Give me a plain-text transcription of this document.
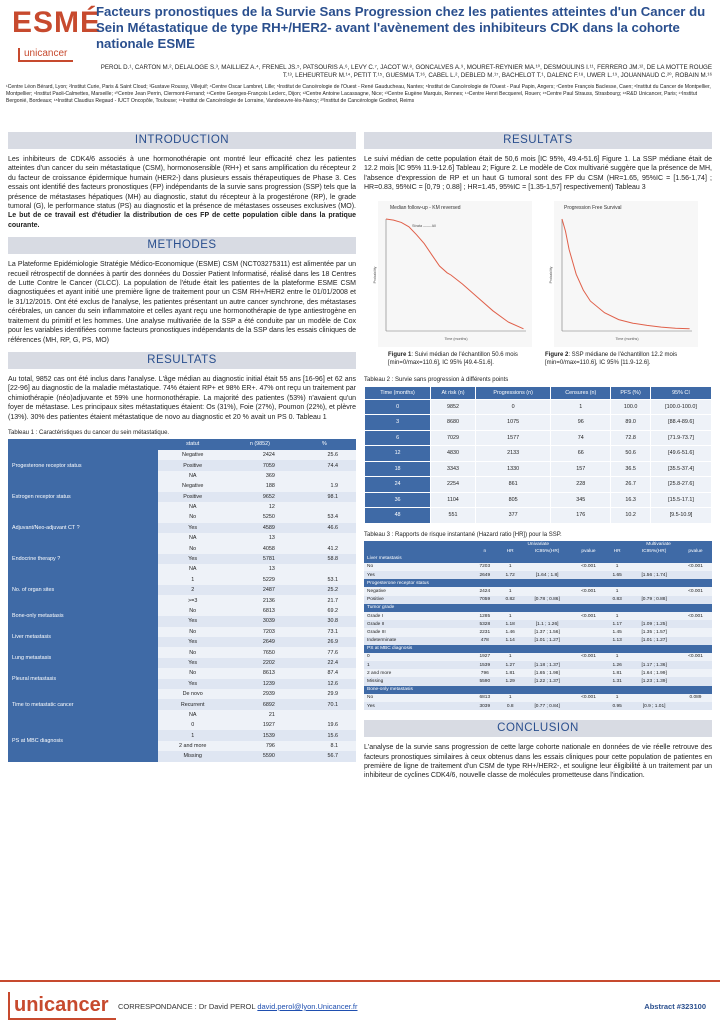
ESMÉ
unicancer
Facteurs pronostiques de la Survie Sans Progression chez les patientes atteintes d'un Cancer du Sein Métastatique de type RH+/HER2- avant l'avènement des inhibiteurs CDK dans la cohorte nationale ESME
PEROL D.¹, CARTON M.², DELALOGE S.³, MAILLIEZ A.⁴, FRENEL JS.⁵, PATSOURIS A.⁶, LEVY C.⁷, JACOT W.⁸, GONCALVES A.⁹, MOURET-REYNIER MA.¹⁰, DESMOULINS I.¹¹, FERRERO JM.¹², DE LA MOTTE ROUGE T.¹³, LEHEURTEUR M.¹⁴, PETIT T.¹⁵, GUESMIA T.¹⁶, CABEL L.², DEBLED M.¹⁷, BACHELOT T.¹, DALENC F.¹⁸, UWER L.¹⁹, JOUANNAUD C.²⁰, ROBAIN M.¹⁶
¹Centre Léon Bérard, Lyon; ²Institut Curie, Paris & Saint Cloud; ³Gustave Roussy, Villejuif; ⁴Centre Oscar Lambret, Lille; ⁵Institut de Cancérologie de l'Ouest - René Gauducheau, Nantes; ⁶Institut de Cancérologie de l'Ouest - Paul Papin, Angers; ⁷Centre François Baclesse, Caen; ⁸Institut du Cancer de Montpellier, Montpellier; ⁹Institut Paoli-Calmettes, Marseille; ¹⁰Centre Jean Perrin, Clermont-Ferrand; ¹¹Centre Georges-François Leclerc, Dijon; ¹²Centre Antoine Lacassagne, Nice; ¹³Centre Eugène Marquis, Rennes; ¹⁴Centre Henri Becquerel, Rouen; ¹⁵Centre Paul Strauss, Strasbourg; ¹⁶R&D Unicancer, Paris; ¹⁷Institut Bergonié, Bordeaux; ¹⁸Institut Claudius Regaud - IUCT Oncopôle, Toulouse; ¹⁹Institut de Cancérologie de Lorraine, Vandoeuvre-lès-Nancy; ²⁰Institut de Cancérologie Godinot, Reims
INTRODUCTION
Les inhibiteurs de CDK4/6 associés à une hormonothérapie ont montré leur efficacité chez les patientes atteintes d'un cancer du sein métastatique (CSM), hormonosensible (RH+) et sans amplification du récepteur 2 du facteur de croissance épidermique humain (HER2-) dans plusieurs essais thérapeutiques de Phase 3. Ces essais ont identifié des facteurs pronostiques (FP) indépendants de la survie sans progression (SSP) tels que la présence de métastases hépatiques (MH) au diagnostic, statut du récepteur à la progestérone (RP), le grade tumoral (G), le performance status (PS) au diagnostic et la présence de métastases osseuses exclusives (MO). Le but de ce travail est d'étudier la distribution de ces FP de cette population cible dans la pratique courante.
METHODES
La Plateforme Epidémiologie Stratégie Médico-Economique (ESME) CSM (NCT03275311) est alimentée par un recueil rétrospectif de données à partir des données du Dossier Patient Informatisé, réalisé dans les 18 Centres de Lutte Contre le Cancer (CLCC). La population de l'étude était les patientes de la plateforme ESME CSM diagnostiquées et ayant initié une première ligne de traitement pour un CSM RH+/HER2 entre le 01/01/2008 et le 31/12/2015. Ont été exclus de l'analyse, les patientes présentant un autre cancer synchrone, des métastases cérébrales, un cancer du sein inflammatoire et celles ayant reçu une hormonothérapie de type antiestrogène en traitement du primitif et les hommes. Une analyse multivariée de la SSP a été conduite par un modèle de Cox pour les variables identifiées comme facteurs pronostiques indépendants de la SSP dans les essais cliniques de références (MH, RP, G, PS, MO)
RESULTATS
Au total, 9852 cas ont été inclus dans l'analyse. L'âge médian au diagnostic initial était 55 ans [16-96] et 62 ans [22-96] au diagnostic de la maladie métastatique. 74% étaient RP+ et 98% ER+. 47% ont reçu un traitement par chimiothérapie (néo)adjuvante et 59% une hormonothérapie. La majorité des patientes (53%) n'avaient qu'un foyer de métastase. Les principaux sites métastatiques étaient: Os (31%), Foie (27%), Poumon (22%), et plèvre (13%). 30% des patientes étaient métastatique de novo au diagnostic et 20 % avait un PS 0. Tableau 1
Tableau 1 : Caractéristiques du cancer du sein métastatique.
	statut	n (9852)	%
Progesterone receptor status	Negative	2424	25.6
	Positive	7059	74.4
	NA	369	
Estrogen receptor status	Negative	188	1.9
	Positive	9652	98.1
	NA	12	
Adjuvant/Neo-adjuvant CT ?	No	5250	53.4
	Yes	4589	46.6
	NA	13	
Endocrine therapy ?	No	4058	41.2
	Yes	5781	58.8
	NA	13	
No. of organ sites	1	5229	53.1
	2	2487	25.2
	>=3	2136	21.7
Bone-only metastasis	No	6813	69.2
	Yes	3039	30.8
Liver metastasis	No	7203	73.1
	Yes	2649	26.9
Lung metastasis	No	7650	77.6
	Yes	2202	22.4
Pleural metastasis	No	8613	87.4
	Yes	1239	12.6
Time to metastatic cancer	De novo	2939	29.9
	Recurrent	6892	70.1
	NA	21	
PS at MBC diagnosis	0	1927	19.6
	1	1539	15.6
	2 and more	796	8.1
	Missing	5590	56.7
RESULTATS
Le suivi médian de cette population était de 50,6 mois [IC 95%, 49.4-51.6] Figure 1. La SSP médiane était de 12.2 mois [IC 95% 11.9-12.6] Tableau 2; Figure 2. Le modèle de Cox multivarié suggère que la présence de MH, l'absence d'expression de RP et un haut G tumoral sont des FP du CSM (HR=1.65, 95%IC = [1.56-1,74] ; HR=0.83, 95%IC = [0,79 ; 0.88] ; HR=1.45, 95%IC = [1.35-1,57] respectivement) Tableau 3
Median follow-up - KM reversed
Probability
Time (months)
Strata —— All
Progression Free Survival
Probability
Time (months)
Figure 1: Suivi médian de l'échantillon 50.6 mois [min=0/max=110.6], IC 95% [49.4-51.6].
Figure 2: SSP médiane de l'échantillon 12.2 mois [min=0/max=110.6], IC 95% [11.9-12.6].
Tableau 2 : Survie sans progression à différents points
Time (months)	At risk (n)	Progressions (n)	Censures (n)	PFS (%)	95% CI
0	9852	0	1	100.0	[100.0-100.0]
3	8680	1075	96	89.0	[88.4-89.6]
6	7029	1577	74	72.8	[71.9-73.7]
12	4830	2133	66	50.6	[49.6-51.6]
18	3343	1330	157	36.5	[35.5-37.4]
24	2254	861	228	26.7	[25.8-27.6]
36	1104	805	345	16.3	[15.5-17.1]
48	551	377	176	10.2	[9.5-10.9]
Tableau 3 : Rapports de risque instantané (Hazard ratio [HR]) pour la SSP.
	Univariate				Multivariate		
	n	HR	IC95%(HR)	pvalue	HR	IC95%(HR)	pvalue
Liver metastasis							
No	7203	1		<0.001	1		<0.001
Yes	2649	1.72	[1.64 ; 1.8]		1.65	[1.56 ; 1.74]	
Progesterone receptor status							
Negative	2424	1		<0.001	1		<0.001
Positive	7059	0.82	[0.78 ; 0.86]		0.83	[0.79 ; 0.88]	
Tumor grade							
Grade I	1285	1		<0.001	1		<0.001
Grade II	5328	1.18	[1.1 ; 1.26]		1.17	[1.09 ; 1.25]	
Grade III	2231	1.46	[1.37 ; 1.56]		1.45	[1.35 ; 1.57]	
Indeterminate	478	1.14	[1.01 ; 1.27]		1.13	[1.01 ; 1.27]	
PS at MBC diagnosis							
0	1927	1		<0.001	1		<0.001
1	1539	1.27	[1.18 ; 1.37]		1.26	[1.17 ; 1.36]	
2 and more	796	1.81	[1.65 ; 1.98]		1.81	[1.64 ; 1.99]	
Missing	5590	1.29	[1.22 ; 1.37]		1.31	[1.23 ; 1.39]	
Bone-only metastasis							
No	6813	1		<0.001	1		0.089
Yes	3039	0.8	[0.77 ; 0.84]		0.95	[0.9 ; 1.01]	
CONCLUSION
L'analyse de la survie sans progression de cette large cohorte nationale en données de vie réelle retrouve des facteurs pronostiques similaires à ceux obtenus dans les essais cliniques pour cette population de patientes en première de ligne de traitement d'un CSM de type RH+/HER2-, et souligne leur éligibilité à un traitement par un inhibiteur de cyclines CDK4/6, nouvelle classe de molécules prometteuse dans l'indication.
unicancer	CORRESPONDANCE : Dr David PEROL david.perol@lyon.Unicancer.fr	Abstract #323100
